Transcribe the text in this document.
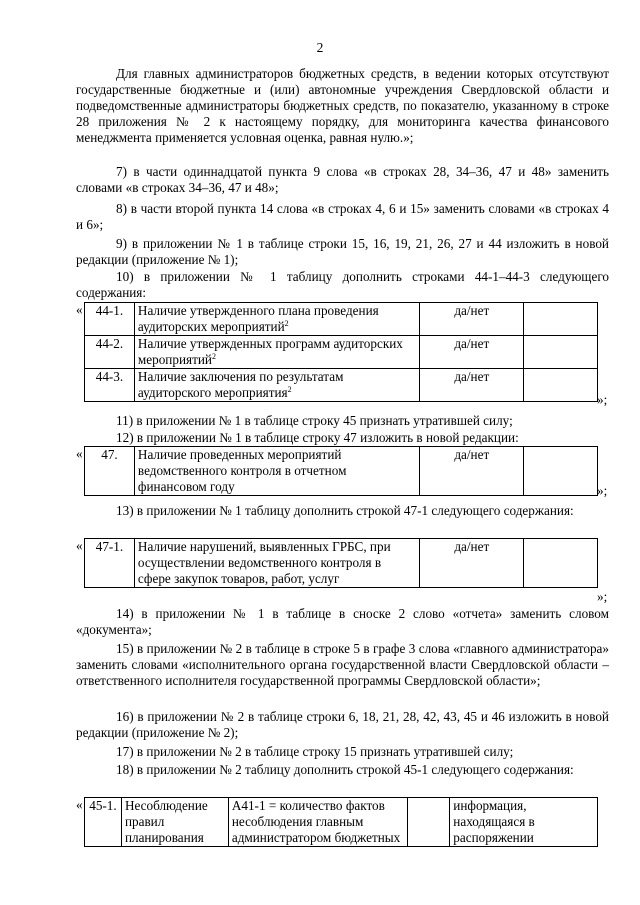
2
Для главных администраторов бюджетных средств, в ведении которых отсутствуют государственные бюджетные и (или) автономные учреждения Свердловской области и подведомственные администраторы бюджетных средств, по показателю, указанному в строке 28 приложения № 2 к настоящему порядку, для мониторинга качества финансового менеджмента применяется условная оценка, равная нулю.»;
7) в части одиннадцатой пункта 9 слова «в строках 28, 34–36, 47 и 48» заменить словами «в строках 34–36, 47 и 48»;
8) в части второй пункта 14 слова «в строках 4, 6 и 15» заменить словами «в строках 4 и 6»;
9) в приложении № 1 в таблице строки 15, 16, 19, 21, 26, 27 и 44 изложить в новой редакции (приложение № 1);
10) в приложении № 1 таблицу дополнить строками 44-1–44-3 следующего содержания:
« 44-1.	Наличие утвержденного плана проведения аудиторских мероприятий$^2$	да/нет	
44-2.	Наличие утвержденных программ аудиторских мероприятий$^2$	да/нет	
44-3.	Наличие заключения по результатам аудиторского мероприятия$^2$	да/нет	
»;
11) в приложении № 1 в таблице строку 45 признать утратившей силу;
12) в приложении № 1 в таблице строку 47 изложить в новой редакции:
« 47.	Наличие проведенных мероприятий ведомственного контроля в отчетном финансовом году	да/нет	
»;
13) в приложении № 1 таблицу дополнить строкой 47-1 следующего содержания:
« 47-1.	Наличие нарушений, выявленных ГРБС, при осуществлении ведомственного контроля в сфере закупок товаров, работ, услуг	да/нет	
»;
14) в приложении № 1 в таблице в сноске 2 слово «отчета» заменить словом «документа»;
15) в приложении № 2 в таблице в строке 5 в графе 3 слова «главного администратора» заменить словами «исполнительного органа государственной власти Свердловской области – ответственного исполнителя государственной программы Свердловской области»;
16) в приложении № 2 в таблице строки 6, 18, 21, 28, 42, 43, 45 и 46 изложить в новой редакции (приложение № 2);
17) в приложении № 2 в таблице строку 15 признать утратившей силу;
18) в приложении № 2 таблицу дополнить строкой 45-1 следующего содержания:
« 45-1.	Несоблюдение правил планирования	A41-1 = количество фактов несоблюдения главным администратором бюджетных		информация, находящаяся в распоряжении
